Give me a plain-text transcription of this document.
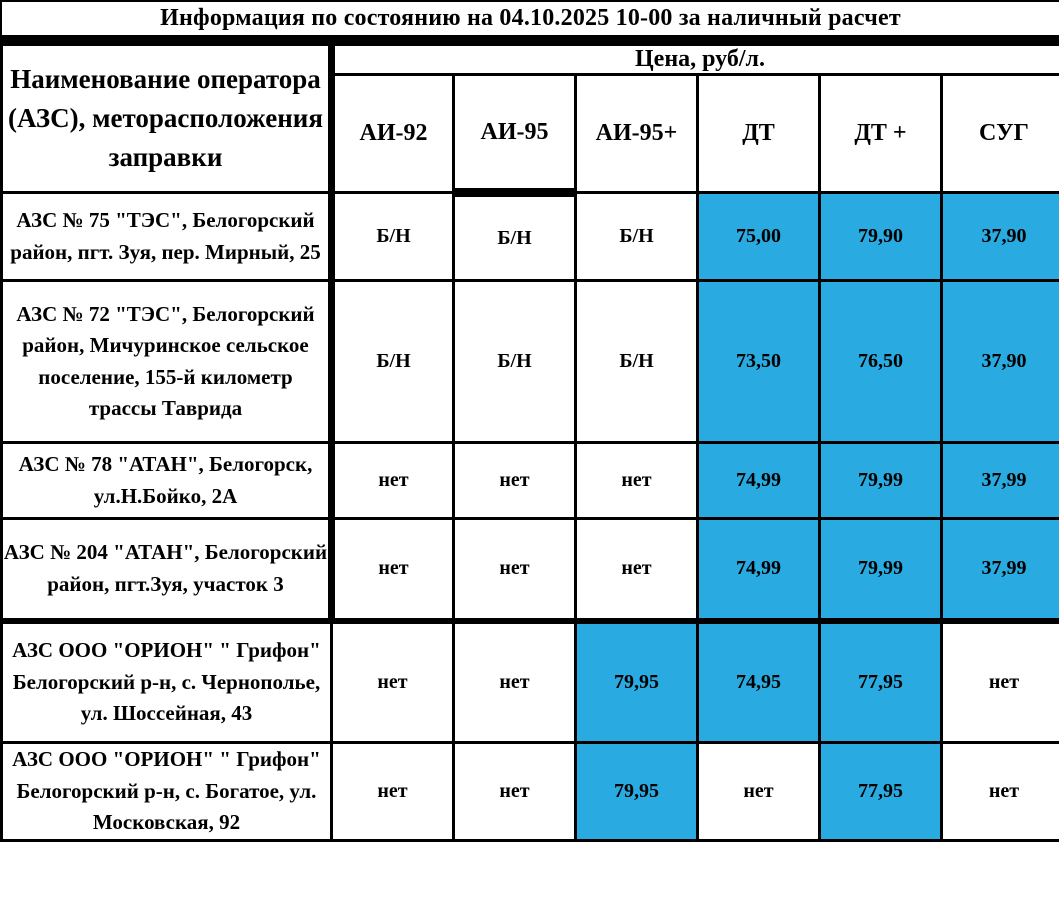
Информация по состоянию на 04.10.2025 10-00 за наличный расчет
Наименование оператора (АЗС), меторасположения заправки	Цена, руб/л.					
	АИ-92	АИ-95	АИ-95+	ДТ	ДТ +	СУГ
АЗС № 75 "ТЭС", Белогорский район, пгт. Зуя, пер. Мирный, 25	Б/Н	Б/Н	Б/Н	75,00	79,90	37,90
АЗС № 72 "ТЭС", Белогорский район, Мичуринское сельское поселение, 155-й километр трассы Таврида	Б/Н	Б/Н	Б/Н	73,50	76,50	37,90
АЗС № 78 "АТАН", Белогорск, ул.Н.Бойко, 2А	нет	нет	нет	74,99	79,99	37,99
АЗС № 204 "АТАН", Белогорский район, пгт.Зуя, участок 3	нет	нет	нет	74,99	79,99	37,99
АЗС ООО "ОРИОН" " Грифон" Белогорский р-н, с. Чернополье, ул. Шоссейная, 43	нет	нет	79,95	74,95	77,95	нет
АЗС ООО "ОРИОН" " Грифон" Белогорский р-н, с. Богатое, ул. Московская, 92	нет	нет	79,95	нет	77,95	нет
